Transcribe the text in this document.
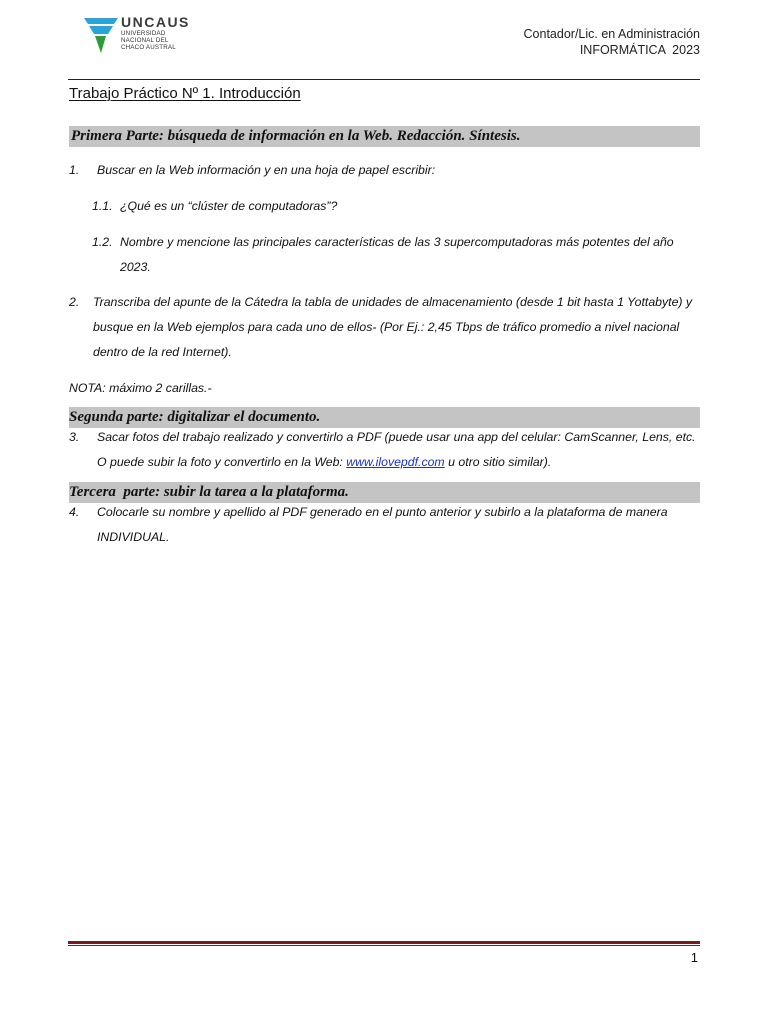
UNCAUS
UNIVERSIDAD
NACIONAL DEL
CHACO AUSTRAL
Contador/Lic. en Administración
INFORMÁTICA  2023
Trabajo Práctico Nº 1. Introducción
Primera Parte: búsqueda de información en la Web. Redacción. Síntesis.
1. Buscar en la Web información y en una hoja de papel escribir:
1.1. ¿Qué es un “clúster de computadoras”?
1.2. Nombre y mencione las principales características de las 3 supercomputadoras más potentes del año 2023.
2. Transcriba del apunte de la Cátedra la tabla de unidades de almacenamiento (desde 1 bit hasta 1 Yottabyte) y busque en la Web ejemplos para cada uno de ellos- (Por Ej.: 2,45 Tbps de tráfico promedio a nivel nacional dentro de la red Internet).
NOTA: máximo 2 carillas.-
Segunda parte: digitalizar el documento.
3. Sacar fotos del trabajo realizado y convertirlo a PDF (puede usar una app del celular: CamScanner, Lens, etc. O puede subir la foto y convertirlo en la Web: www.ilovepdf.com u otro sitio similar).
Tercera  parte: subir la tarea a la plataforma.
4. Colocarle su nombre y apellido al PDF generado en el punto anterior y subirlo a la plataforma de manera INDIVIDUAL.
1
